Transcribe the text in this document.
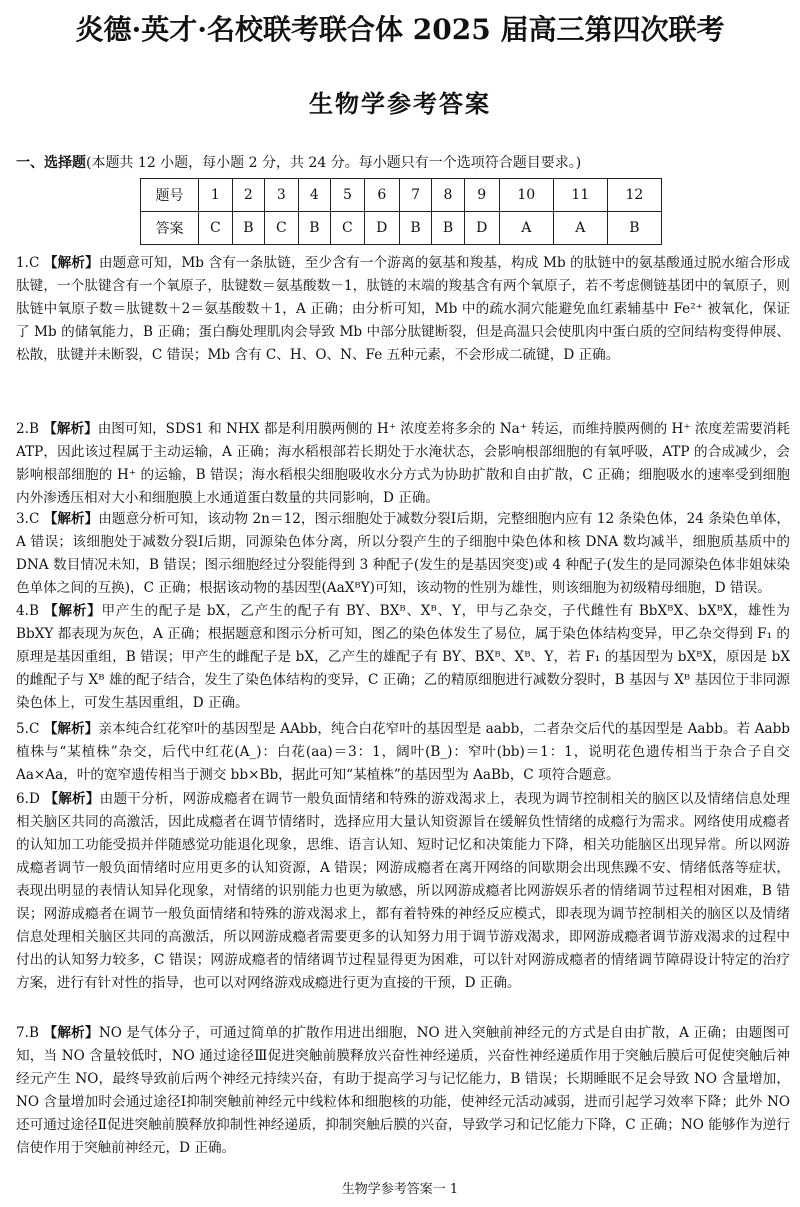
炎德·英才·名校联考联合体 2025 届高三第四次联考
生物学参考答案
一、选择题(本题共 12 小题，每小题 2 分，共 24 分。每小题只有一个选项符合题目要求。)
题号	1	2	3	4	5	6	7	8	9	10	11	12
答案	C	B	C	B	C	D	B	B	D	A	A	B
1.C 【解析】由题意可知，Mb 含有一条肽链，至少含有一个游离的氨基和羧基，构成 Mb 的肽链中的氨基酸通过脱水缩合形成肽键，一个肽键含有一个氧原子，肽键数＝氨基酸数－1，肽链的末端的羧基含有两个氧原子，若不考虑侧链基团中的氧原子，则肽链中氧原子数＝肽键数＋2＝氨基酸数＋1，A 正确；由分析可知，Mb 中的疏水洞穴能避免血红素辅基中 Fe²⁺ 被氧化，保证了 Mb 的储氧能力，B 正确；蛋白酶处理肌肉会导致 Mb 中部分肽键断裂，但是高温只会使肌肉中蛋白质的空间结构变得伸展、松散，肽键并未断裂，C 错误；Mb 含有 C、H、O、N、Fe 五种元素，不会形成二硫键，D 正确。
2.B 【解析】由图可知，SDS1 和 NHX 都是利用膜两侧的 H⁺ 浓度差将多余的 Na⁺ 转运，而维持膜两侧的 H⁺ 浓度差需要消耗 ATP，因此该过程属于主动运输，A 正确；海水稻根部若长期处于水淹状态，会影响根部细胞的有氧呼吸，ATP 的合成减少，会影响根部细胞的 H⁺ 的运输，B 错误；海水稻根尖细胞吸收水分方式为协助扩散和自由扩散，C 正确；细胞吸水的速率受到细胞内外渗透压相对大小和细胞膜上水通道蛋白数量的共同影响，D 正确。
3.C 【解析】由题意分析可知，该动物 2n＝12，图示细胞处于减数分裂Ⅰ后期，完整细胞内应有 12 条染色体，24 条染色单体，A 错误；该细胞处于减数分裂Ⅰ后期，同源染色体分离，所以分裂产生的子细胞中染色体和核 DNA 数均减半，细胞质基质中的 DNA 数目情况未知，B 错误；图示细胞经过分裂能得到 3 种配子(发生的是基因突变)或 4 种配子(发生的是同源染色体非姐妹染色单体之间的互换)，C 正确；根据该动物的基因型(AaXᴮY)可知，该动物的性别为雄性，则该细胞为初级精母细胞，D 错误。
4.B 【解析】甲产生的配子是 bX，乙产生的配子有 BY、BXᴮ、Xᴮ、Y，甲与乙杂交，子代雌性有 BbXᴮX、bXᴮX，雄性为 BbXY 都表现为灰色，A 正确；根据题意和图示分析可知，图乙的染色体发生了易位，属于染色体结构变异，甲乙杂交得到 F₁ 的原理是基因重组，B 错误；甲产生的雌配子是 bX，乙产生的雄配子有 BY、BXᴮ、Xᴮ、Y，若 F₁ 的基因型为 bXᴮX，原因是 bX 的雌配子与 Xᴮ 雄的配子结合，发生了染色体结构的变异，C 正确；乙的精原细胞进行减数分裂时，B 基因与 Xᴮ 基因位于非同源染色体上，可发生基因重组，D 正确。
5.C 【解析】亲本纯合红花窄叶的基因型是 AAbb，纯合白花窄叶的基因型是 aabb，二者杂交后代的基因型是 Aabb。若 Aabb 植株与“某植株”杂交，后代中红花(A_)：白花(aa)＝3：1，阔叶(B_)：窄叶(bb)＝1：1，说明花色遗传相当于杂合子自交 Aa×Aa，叶的宽窄遗传相当于测交 bb×Bb，据此可知“某植株”的基因型为 AaBb，C 项符合题意。
6.D 【解析】由题干分析，网游成瘾者在调节一般负面情绪和特殊的游戏渴求上，表现为调节控制相关的脑区以及情绪信息处理相关脑区共同的高激活，因此成瘾者在调节情绪时，选择应用大量认知资源旨在缓解负性情绪的成瘾行为需求。网络使用成瘾者的认知加工功能受损并伴随感觉功能退化现象，思维、语言认知、短时记忆和决策能力下降，相关功能脑区出现异常。所以网游成瘾者调节一般负面情绪时应用更多的认知资源，A 错误；网游成瘾者在离开网络的间歇期会出现焦躁不安、情绪低落等症状，表现出明显的表情认知异化现象，对情绪的识别能力也更为敏感，所以网游成瘾者比网游娱乐者的情绪调节过程相对困难，B 错误；网游成瘾者在调节一般负面情绪和特殊的游戏渴求上，都有着特殊的神经反应模式，即表现为调节控制相关的脑区以及情绪信息处理相关脑区共同的高激活，所以网游成瘾者需要更多的认知努力用于调节游戏渴求，即网游成瘾者调节游戏渴求的过程中付出的认知努力较多，C 错误；网游成瘾者的情绪调节过程显得更为困难，可以针对网游成瘾者的情绪调节障碍设计特定的治疗方案，进行有针对性的指导，也可以对网络游戏成瘾进行更为直接的干预，D 正确。
7.B 【解析】NO 是气体分子，可通过简单的扩散作用进出细胞，NO 进入突触前神经元的方式是自由扩散，A 正确；由题图可知，当 NO 含量较低时，NO 通过途径Ⅲ促进突触前膜释放兴奋性神经递质，兴奋性神经递质作用于突触后膜后可促使突触后神经元产生 NO，最终导致前后两个神经元持续兴奋，有助于提高学习与记忆能力，B 错误；长期睡眠不足会导致 NO 含量增加，NO 含量增加时会通过途径Ⅰ抑制突触前神经元中线粒体和细胞核的功能，使神经元活动减弱，进而引起学习效率下降；此外 NO 还可通过途径Ⅱ促进突触前膜释放抑制性神经递质，抑制突触后膜的兴奋，导致学习和记忆能力下降，C 正确；NO 能够作为逆行信使作用于突触前神经元，D 正确。
生物学参考答案一 1
